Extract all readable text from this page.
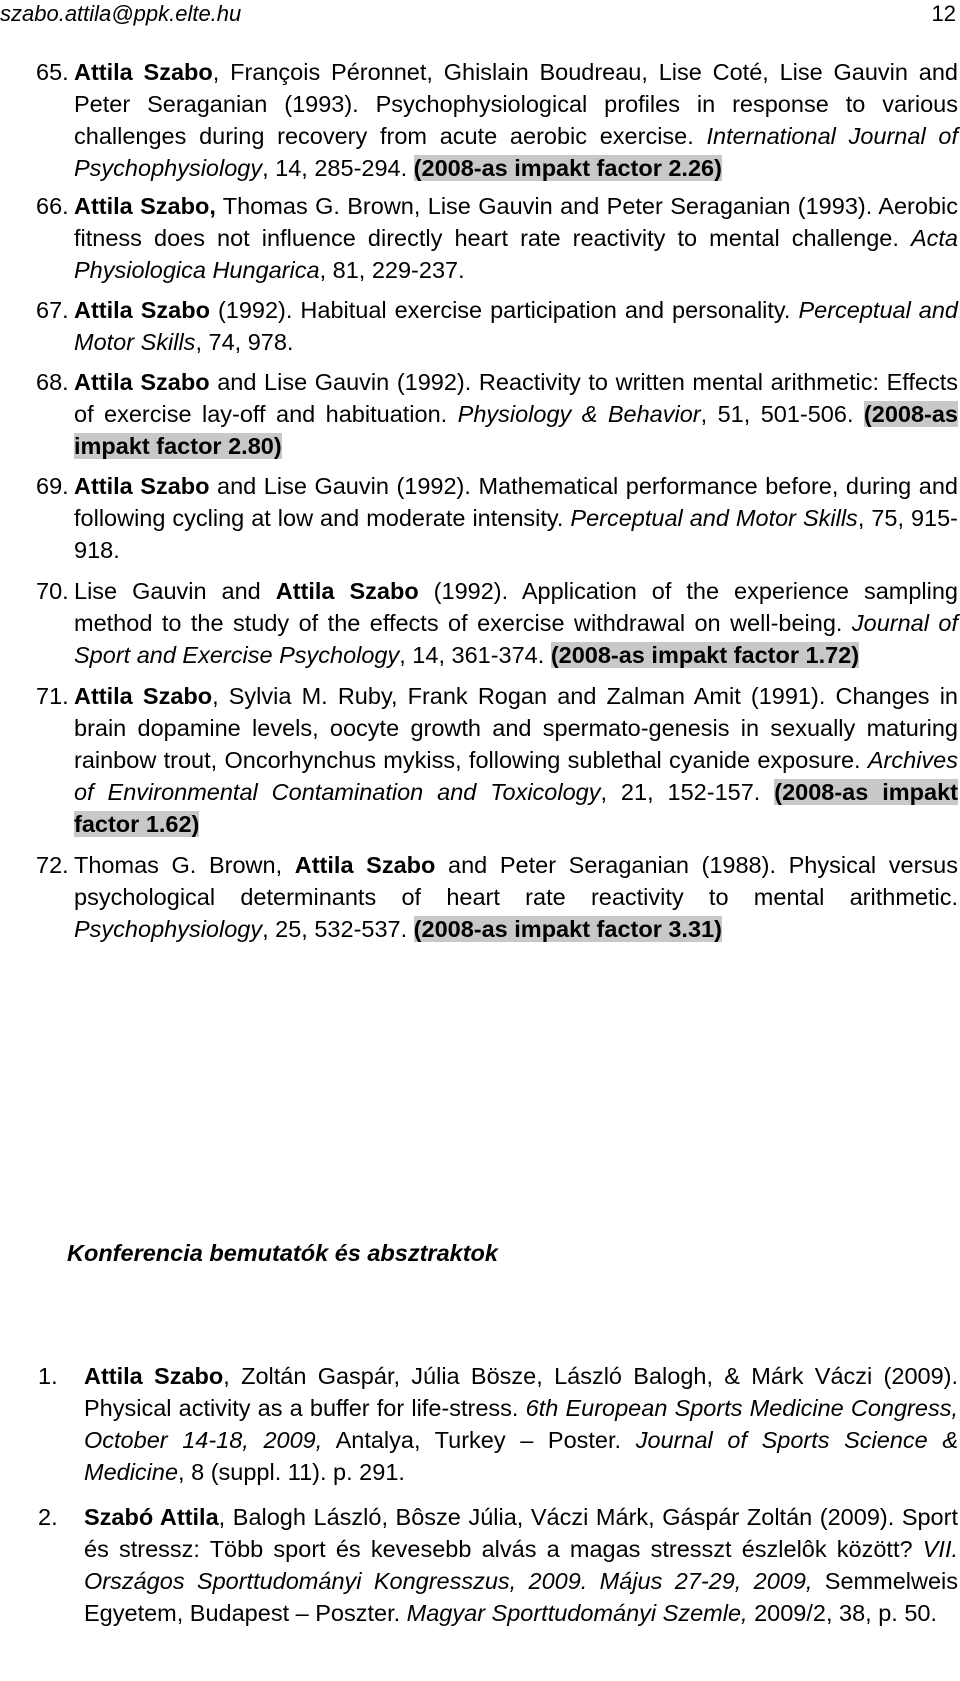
szabo.attila@ppk.elte.hu	12

65. Attila Szabo, François Péronnet, Ghislain Boudreau, Lise Coté, Lise Gauvin and Peter Seraganian (1993). Psychophysiological profiles in response to various challenges during recovery from acute aerobic exercise. International Journal of Psychophysiology, 14, 285-294. (2008-as impakt factor 2.26)

66. Attila Szabo, Thomas G. Brown, Lise Gauvin and Peter Seraganian (1993). Aerobic fitness does not influence directly heart rate reactivity to mental challenge. Acta Physiologica Hungarica, 81, 229-237.

67. Attila Szabo (1992). Habitual exercise participation and personality. Perceptual and Motor Skills, 74, 978.

68. Attila Szabo and Lise Gauvin (1992). Reactivity to written mental arithmetic: Effects of exercise lay-off and habituation. Physiology & Behavior, 51, 501-506. (2008-as impakt factor 2.80)

69. Attila Szabo and Lise Gauvin (1992). Mathematical performance before, during and following cycling at low and moderate intensity. Perceptual and Motor Skills, 75, 915-918.

70. Lise Gauvin and Attila Szabo (1992). Application of the experience sampling method to the study of the effects of exercise withdrawal on well-being. Journal of Sport and Exercise Psychology, 14, 361-374. (2008-as impakt factor 1.72)

71. Attila Szabo, Sylvia M. Ruby, Frank Rogan and Zalman Amit (1991). Changes in brain dopamine levels, oocyte growth and spermato-genesis in sexually maturing rainbow trout, Oncorhynchus mykiss, following sublethal cyanide exposure. Archives of Environmental Contamination and Toxicology, 21, 152-157. (2008-as impakt factor 1.62)

72. Thomas G. Brown, Attila Szabo and Peter Seraganian (1988). Physical versus psychological determinants of heart rate reactivity to mental arithmetic. Psychophysiology, 25, 532-537. (2008-as impakt factor 3.31)

Konferencia bemutatók és absztraktok

1. Attila Szabo, Zoltán Gaspár, Júlia Bösze, László Balogh, & Márk Váczi (2009). Physical activity as a buffer for life-stress. 6th European Sports Medicine Congress, October 14-18, 2009, Antalya, Turkey – Poster. Journal of Sports Science & Medicine, 8 (suppl. 11). p. 291.

2. Szabó Attila, Balogh László, Bôsze Júlia, Váczi Márk, Gáspár Zoltán (2009). Sport és stressz: Több sport és kevesebb alvás a magas stresszt észlelôk között? VII. Országos Sporttudományi Kongresszus, 2009. Május 27-29, 2009, Semmelweis Egyetem, Budapest – Poszter. Magyar Sporttudományi Szemle, 2009/2, 38, p. 50.
